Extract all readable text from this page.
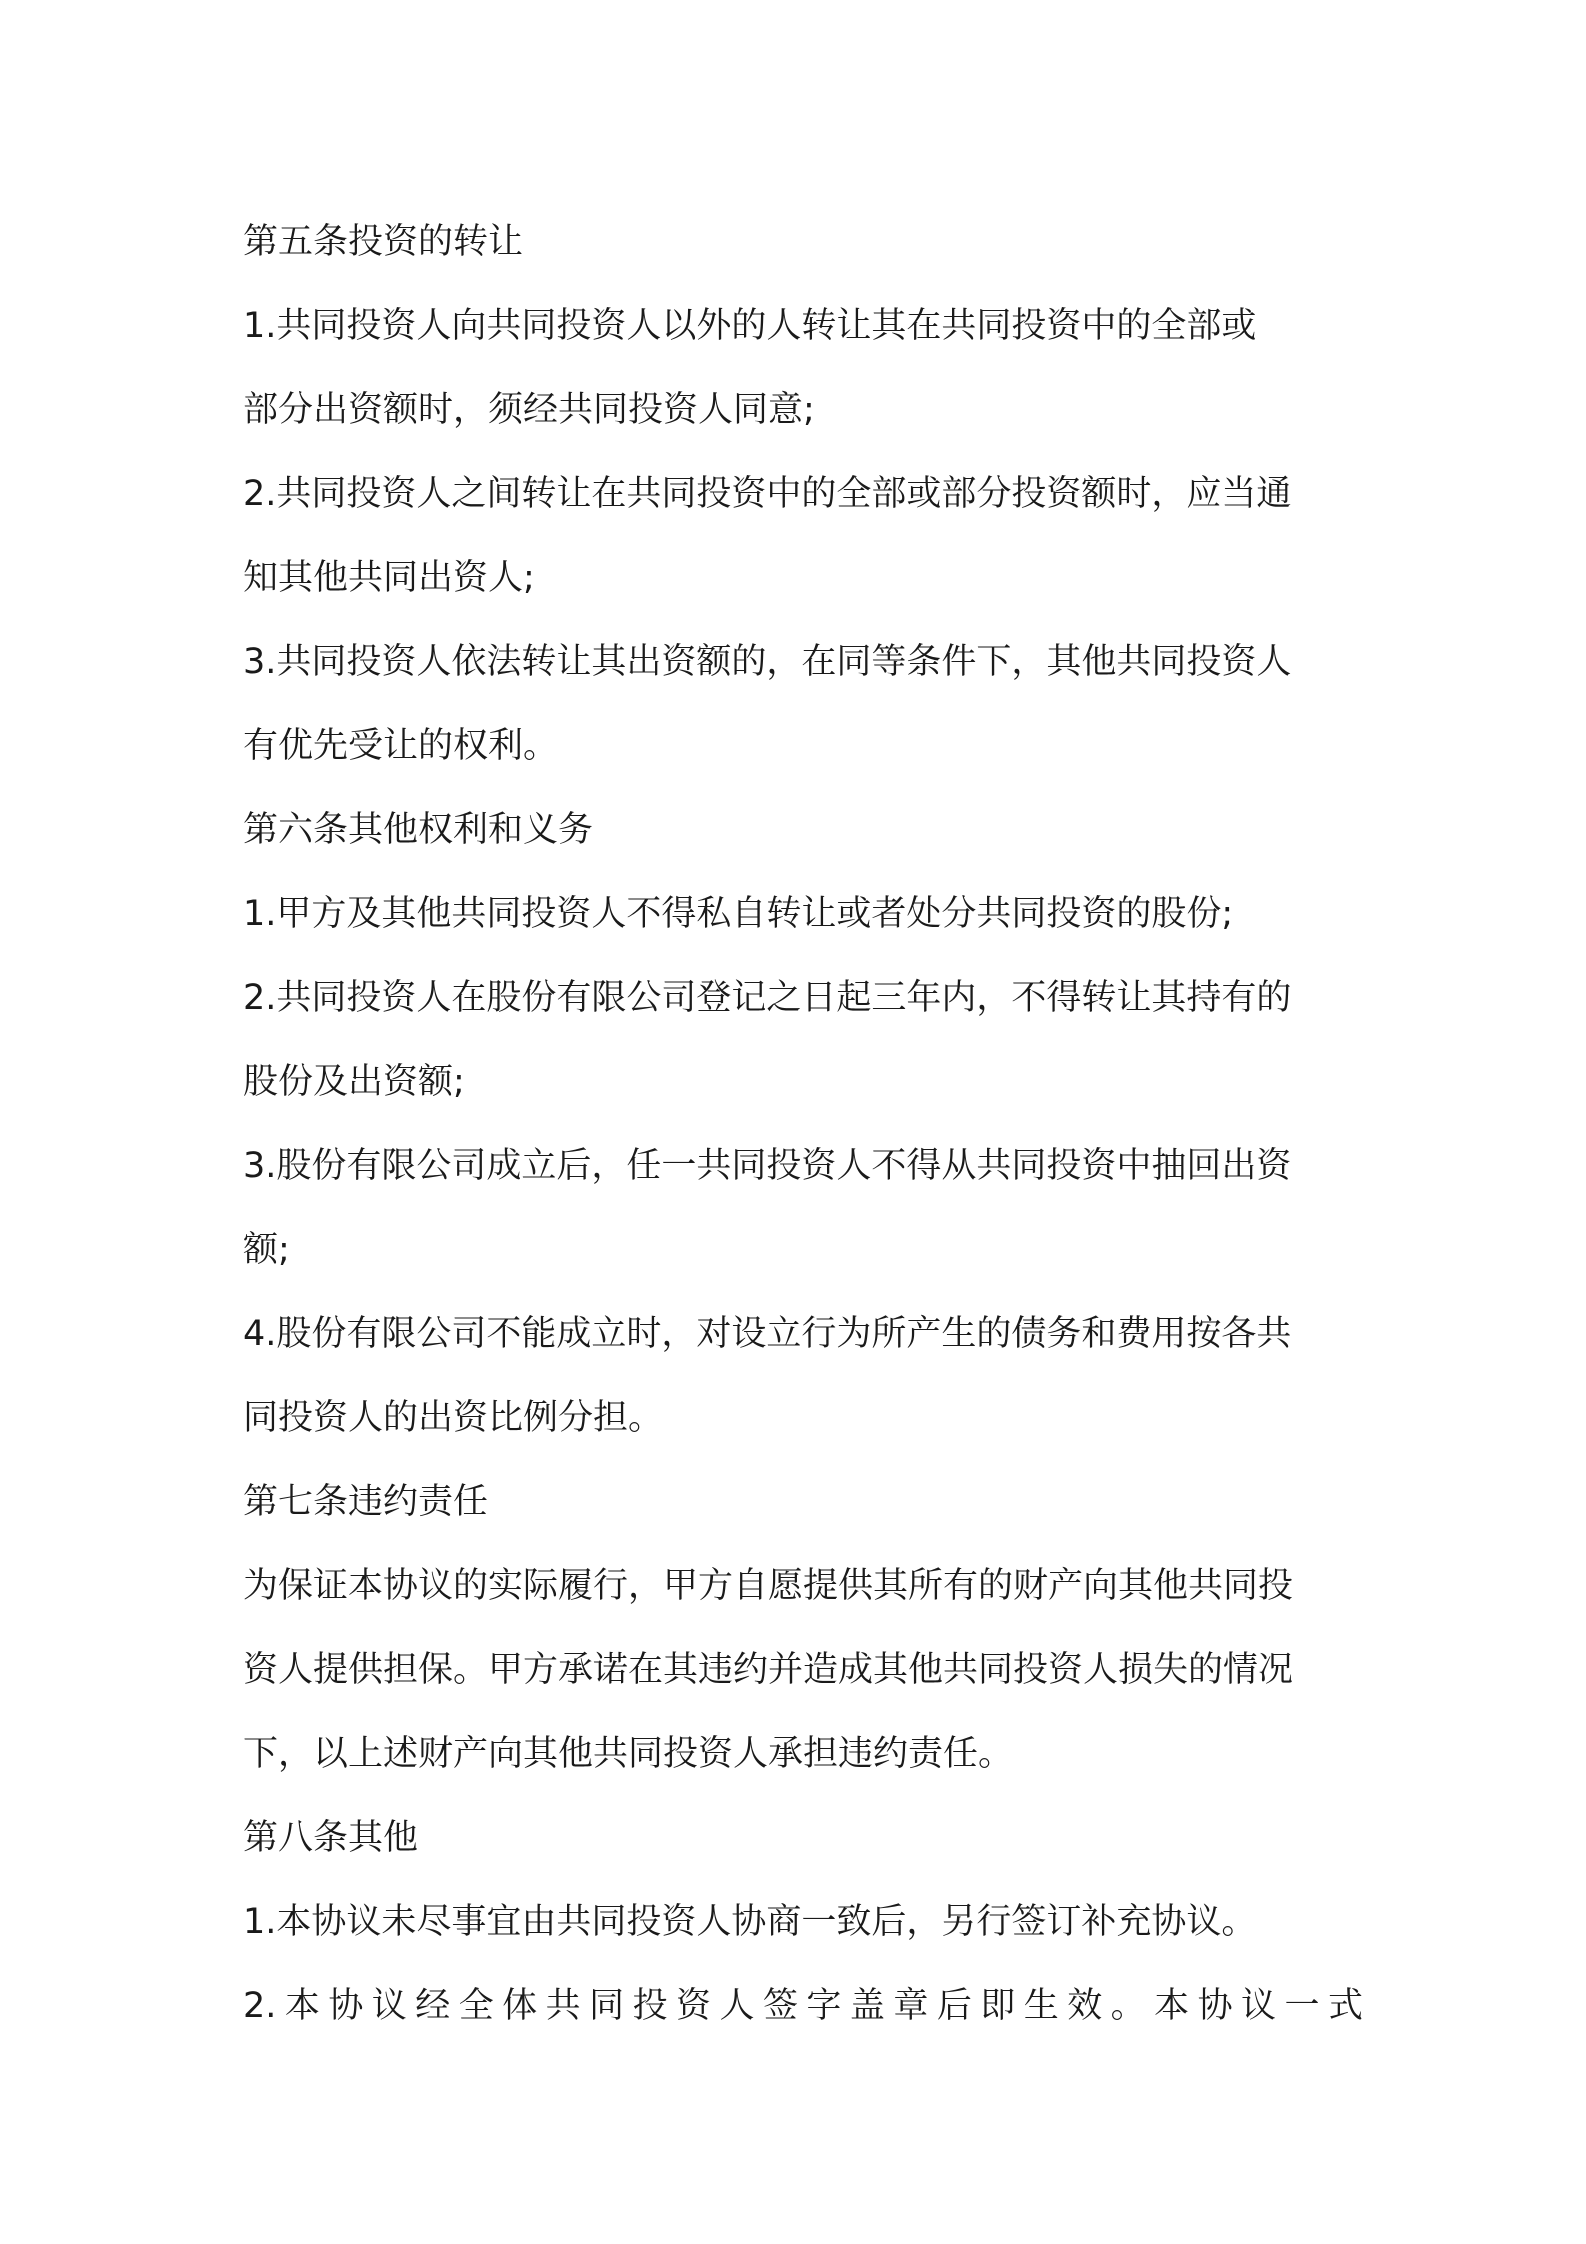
第五条投资的转让
1.共同投资人向共同投资人以外的人转让其在共同投资中的全部或
部分出资额时，须经共同投资人同意;
2.共同投资人之间转让在共同投资中的全部或部分投资额时，应当通
知其他共同出资人;
3.共同投资人依法转让其出资额的，在同等条件下，其他共同投资人
有优先受让的权利。
第六条其他权利和义务
1.甲方及其他共同投资人不得私自转让或者处分共同投资的股份;
2.共同投资人在股份有限公司登记之日起三年内，不得转让其持有的
股份及出资额;
3.股份有限公司成立后，任一共同投资人不得从共同投资中抽回出资
额;
4.股份有限公司不能成立时，对设立行为所产生的债务和费用按各共
同投资人的出资比例分担。
第七条违约责任
为保证本协议的实际履行，甲方自愿提供其所有的财产向其他共同投
资人提供担保。甲方承诺在其违约并造成其他共同投资人损失的情况
下，以上述财产向其他共同投资人承担违约责任。
第八条其他
1.本协议未尽事宜由共同投资人协商一致后，另行签订补充协议。
2.本协议经全体共同投资人签字盖章后即生效。本协议一式
